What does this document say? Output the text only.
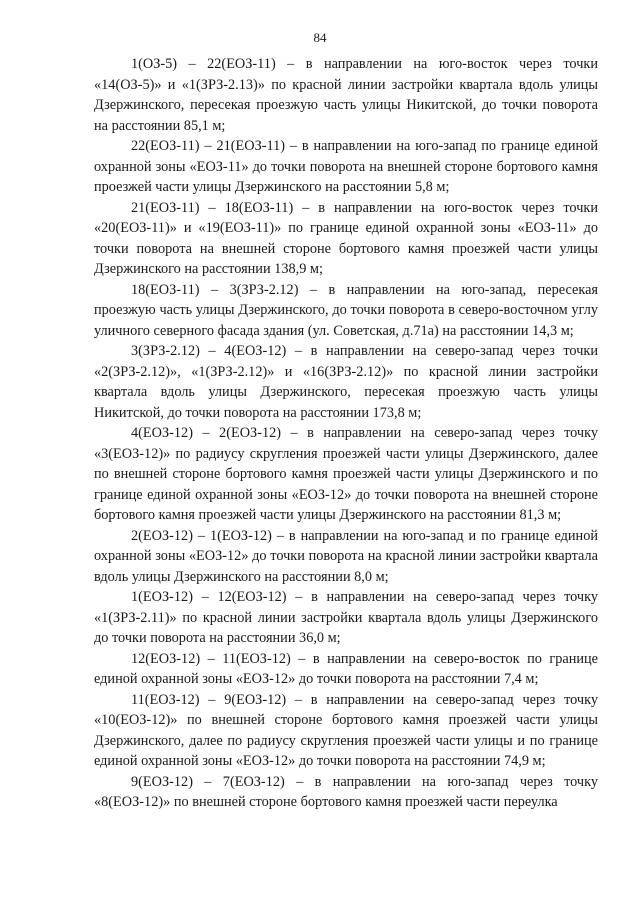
84

1(ОЗ-5) – 22(ЕОЗ-11) – в направлении на юго-восток через точки «14(ОЗ-5)» и «1(ЗРЗ-2.13)» по красной линии застройки квартала вдоль улицы Дзержинского, пересекая проезжую часть улицы Никитской, до точки поворота на расстоянии 85,1 м;

22(ЕОЗ-11) – 21(ЕОЗ-11) – в направлении на юго-запад по границе единой охранной зоны «ЕОЗ-11» до точки поворота на внешней стороне бортового камня проезжей части улицы Дзержинского на расстоянии 5,8 м;

21(ЕОЗ-11) – 18(ЕОЗ-11) – в направлении на юго-восток через точки «20(ЕОЗ-11)» и «19(ЕОЗ-11)» по границе единой охранной зоны «ЕОЗ-11» до точки поворота на внешней стороне бортового камня проезжей части улицы Дзержинского на расстоянии 138,9 м;

18(ЕОЗ-11) – 3(ЗРЗ-2.12) – в направлении на юго-запад, пересекая проезжую часть улицы Дзержинского, до точки поворота в северо-восточном углу уличного северного фасада здания (ул. Советская, д.71а) на расстоянии 14,3 м;

3(ЗРЗ-2.12) – 4(ЕОЗ-12) – в направлении на северо-запад через точки «2(ЗРЗ-2.12)», «1(ЗРЗ-2.12)» и «16(ЗРЗ-2.12)» по красной линии застройки квартала вдоль улицы Дзержинского, пересекая проезжую часть улицы Никитской, до точки поворота на расстоянии 173,8 м;

4(ЕОЗ-12) – 2(ЕОЗ-12) – в направлении на северо-запад через точку «3(ЕОЗ-12)» по радиусу скругления проезжей части улицы Дзержинского, далее по внешней стороне бортового камня проезжей части улицы Дзержинского и по границе единой охранной зоны «ЕОЗ-12» до точки поворота на внешней стороне бортового камня проезжей части улицы Дзержинского на расстоянии 81,3 м;

2(ЕОЗ-12) – 1(ЕОЗ-12) – в направлении на юго-запад и по границе единой охранной зоны «ЕОЗ-12» до точки поворота на красной линии застройки квартала вдоль улицы Дзержинского на расстоянии 8,0 м;

1(ЕОЗ-12) – 12(ЕОЗ-12) – в направлении на северо-запад через точку «1(ЗРЗ-2.11)» по красной линии застройки квартала вдоль улицы Дзержинского до точки поворота на расстоянии 36,0 м;

12(ЕОЗ-12) – 11(ЕОЗ-12) – в направлении на северо-восток по границе единой охранной зоны «ЕОЗ-12» до точки поворота на расстоянии 7,4 м;

11(ЕОЗ-12) – 9(ЕОЗ-12) – в направлении на северо-запад через точку «10(ЕОЗ-12)» по внешней стороне бортового камня проезжей части улицы Дзержинского, далее по радиусу скругления проезжей части улицы и по границе единой охранной зоны «ЕОЗ-12» до точки поворота на расстоянии 74,9 м;

9(ЕОЗ-12) – 7(ЕОЗ-12) – в направлении на юго-запад через точку «8(ЕОЗ-12)» по внешней стороне бортового камня проезжей части переулка
